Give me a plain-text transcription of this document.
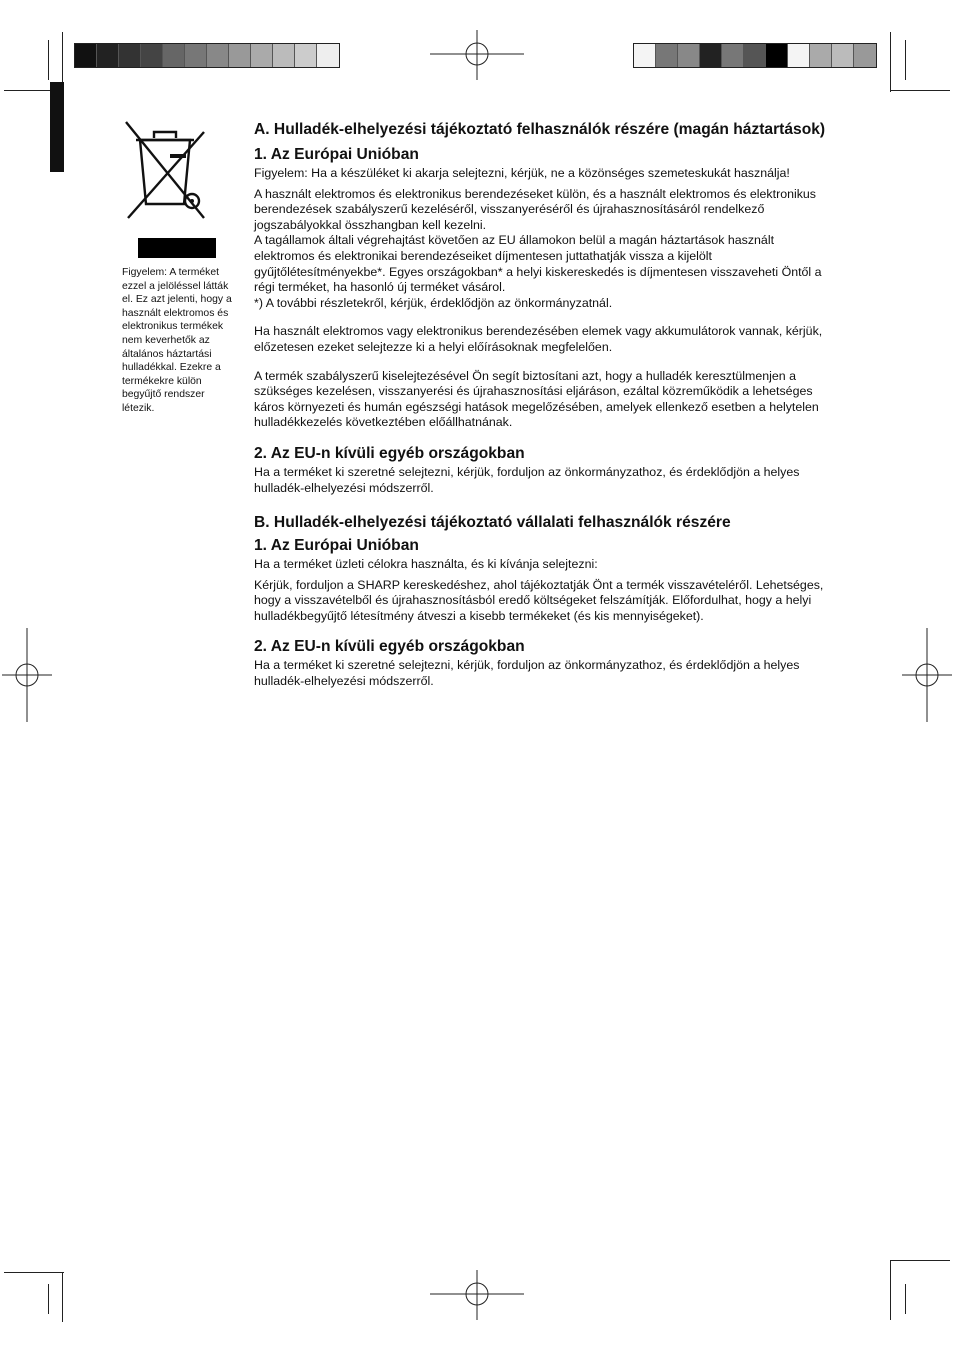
Figyelem: A terméket ezzel a jelöléssel látták el. Ez azt jelenti, hogy a használt elektromos és elektronikus termékek nem keverhetők az általános háztartási hulladékkal. Ezekre a termékekre külön begyűjtő rendszer létezik.

A. Hulladék-elhelyezési tájékoztató felhasználók részére (magán háztartások)
1. Az Európai Unióban

Figyelem: Ha a készüléket ki akarja selejtezni, kérjük, ne a közönséges szemeteskukát használja!

A használt elektromos és elektronikus berendezéseket külön, és a használt elektromos és elektronikus berendezések szabályszerű kezeléséről, visszanyeréséről és újrahasznosításáról rendelkező jogszabályokkal összhangban kell kezelni.

A tagállamok általi végrehajtást követően az EU államokon belül a magán háztartások használt elektromos és elektronikai berendezéseiket díjmentesen juttathatják vissza a kijelölt gyűjtőlétesítményekbe*. Egyes országokban* a helyi kiskereskedés is díjmentesen visszaveheti Öntől a régi terméket, ha hasonló új terméket vásárol.

*) A további részletekről, kérjük, érdeklődjön az önkormányzatnál.

Ha használt elektromos vagy elektronikus berendezésében elemek vagy akkumulátorok vannak, kérjük, előzetesen ezeket selejtezze ki a helyi előírásoknak megfelelően.

A termék szabályszerű kiselejtezésével Ön segít biztosítani azt, hogy a hulladék keresztülmenjen a szükséges kezelésen, visszanyerési és újrahasznosítási eljáráson, ezáltal közreműködik a lehetséges káros környezeti és humán egészségi hatások megelőzésében, amelyek ellenkező esetben a helytelen hulladékkezelés következtében előállhatnának.

2. Az EU-n kívüli egyéb országokban

Ha a terméket ki szeretné selejtezni, kérjük, forduljon az önkormányzathoz, és érdeklődjön a helyes hulladék-elhelyezési módszerről.

B. Hulladék-elhelyezési tájékoztató vállalati felhasználók részére
1. Az Európai Unióban

Ha a terméket üzleti célokra használta, és ki kívánja selejtezni:

Kérjük, forduljon a SHARP kereskedéshez, ahol tájékoztatják Önt a termék visszavételéről. Lehetséges, hogy a visszavételből és újrahasznosításból eredő költségeket felszámítják. Előfordulhat, hogy a helyi hulladékbegyűjtő létesítmény átveszi a kisebb termékeket (és kis mennyiségeket).

2. Az EU-n kívüli egyéb országokban

Ha a terméket ki szeretné selejtezni, kérjük, forduljon az önkormányzathoz, és érdeklődjön a helyes hulladék-elhelyezési módszerről.
